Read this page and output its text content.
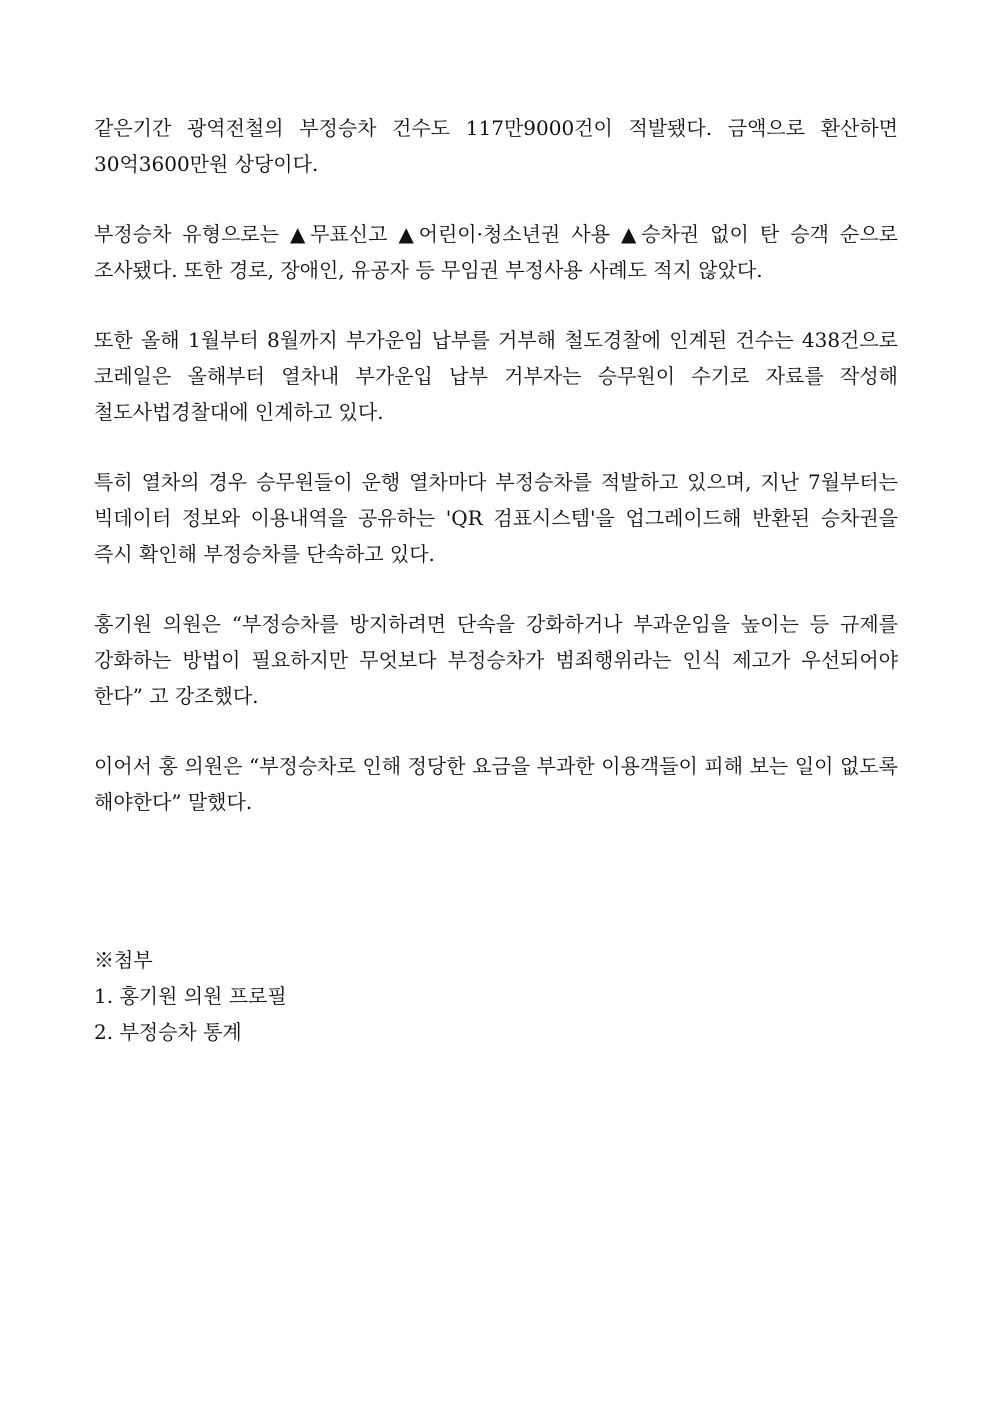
같은기간 광역전철의 부정승차 건수도 117만9000건이 적발됐다. 금액으로 환산하면 30억3600만원 상당이다.

부정승차 유형으로는 ▲무표신고 ▲어린이·청소년권 사용 ▲승차권 없이 탄 승객 순으로 조사됐다. 또한 경로, 장애인, 유공자 등 무임권 부정사용 사례도 적지 않았다.

또한 올해 1월부터 8월까지 부가운임 납부를 거부해 철도경찰에 인계된 건수는 438건으로 코레일은 올해부터 열차내 부가운입 납부 거부자는 승무원이 수기로 자료를 작성해 철도사법경찰대에 인계하고 있다.

특히 열차의 경우 승무원들이 운행 열차마다 부정승차를 적발하고 있으며, 지난 7월부터는 빅데이터 정보와 이용내역을 공유하는 'QR 검표시스템'을 업그레이드해 반환된 승차권을 즉시 확인해 부정승차를 단속하고 있다.

홍기원 의원은 “부정승차를 방지하려면 단속을 강화하거나 부과운임을 높이는 등 규제를 강화하는 방법이 필요하지만 무엇보다 부정승차가 범죄행위라는 인식 제고가 우선되어야 한다” 고 강조했다.

이어서 홍 의원은 “부정승차로 인해 정당한 요금을 부과한 이용객들이 피해 보는 일이 없도록 해야한다” 말했다.

※첨부
1. 홍기원 의원 프로필
2. 부정승차 통계
